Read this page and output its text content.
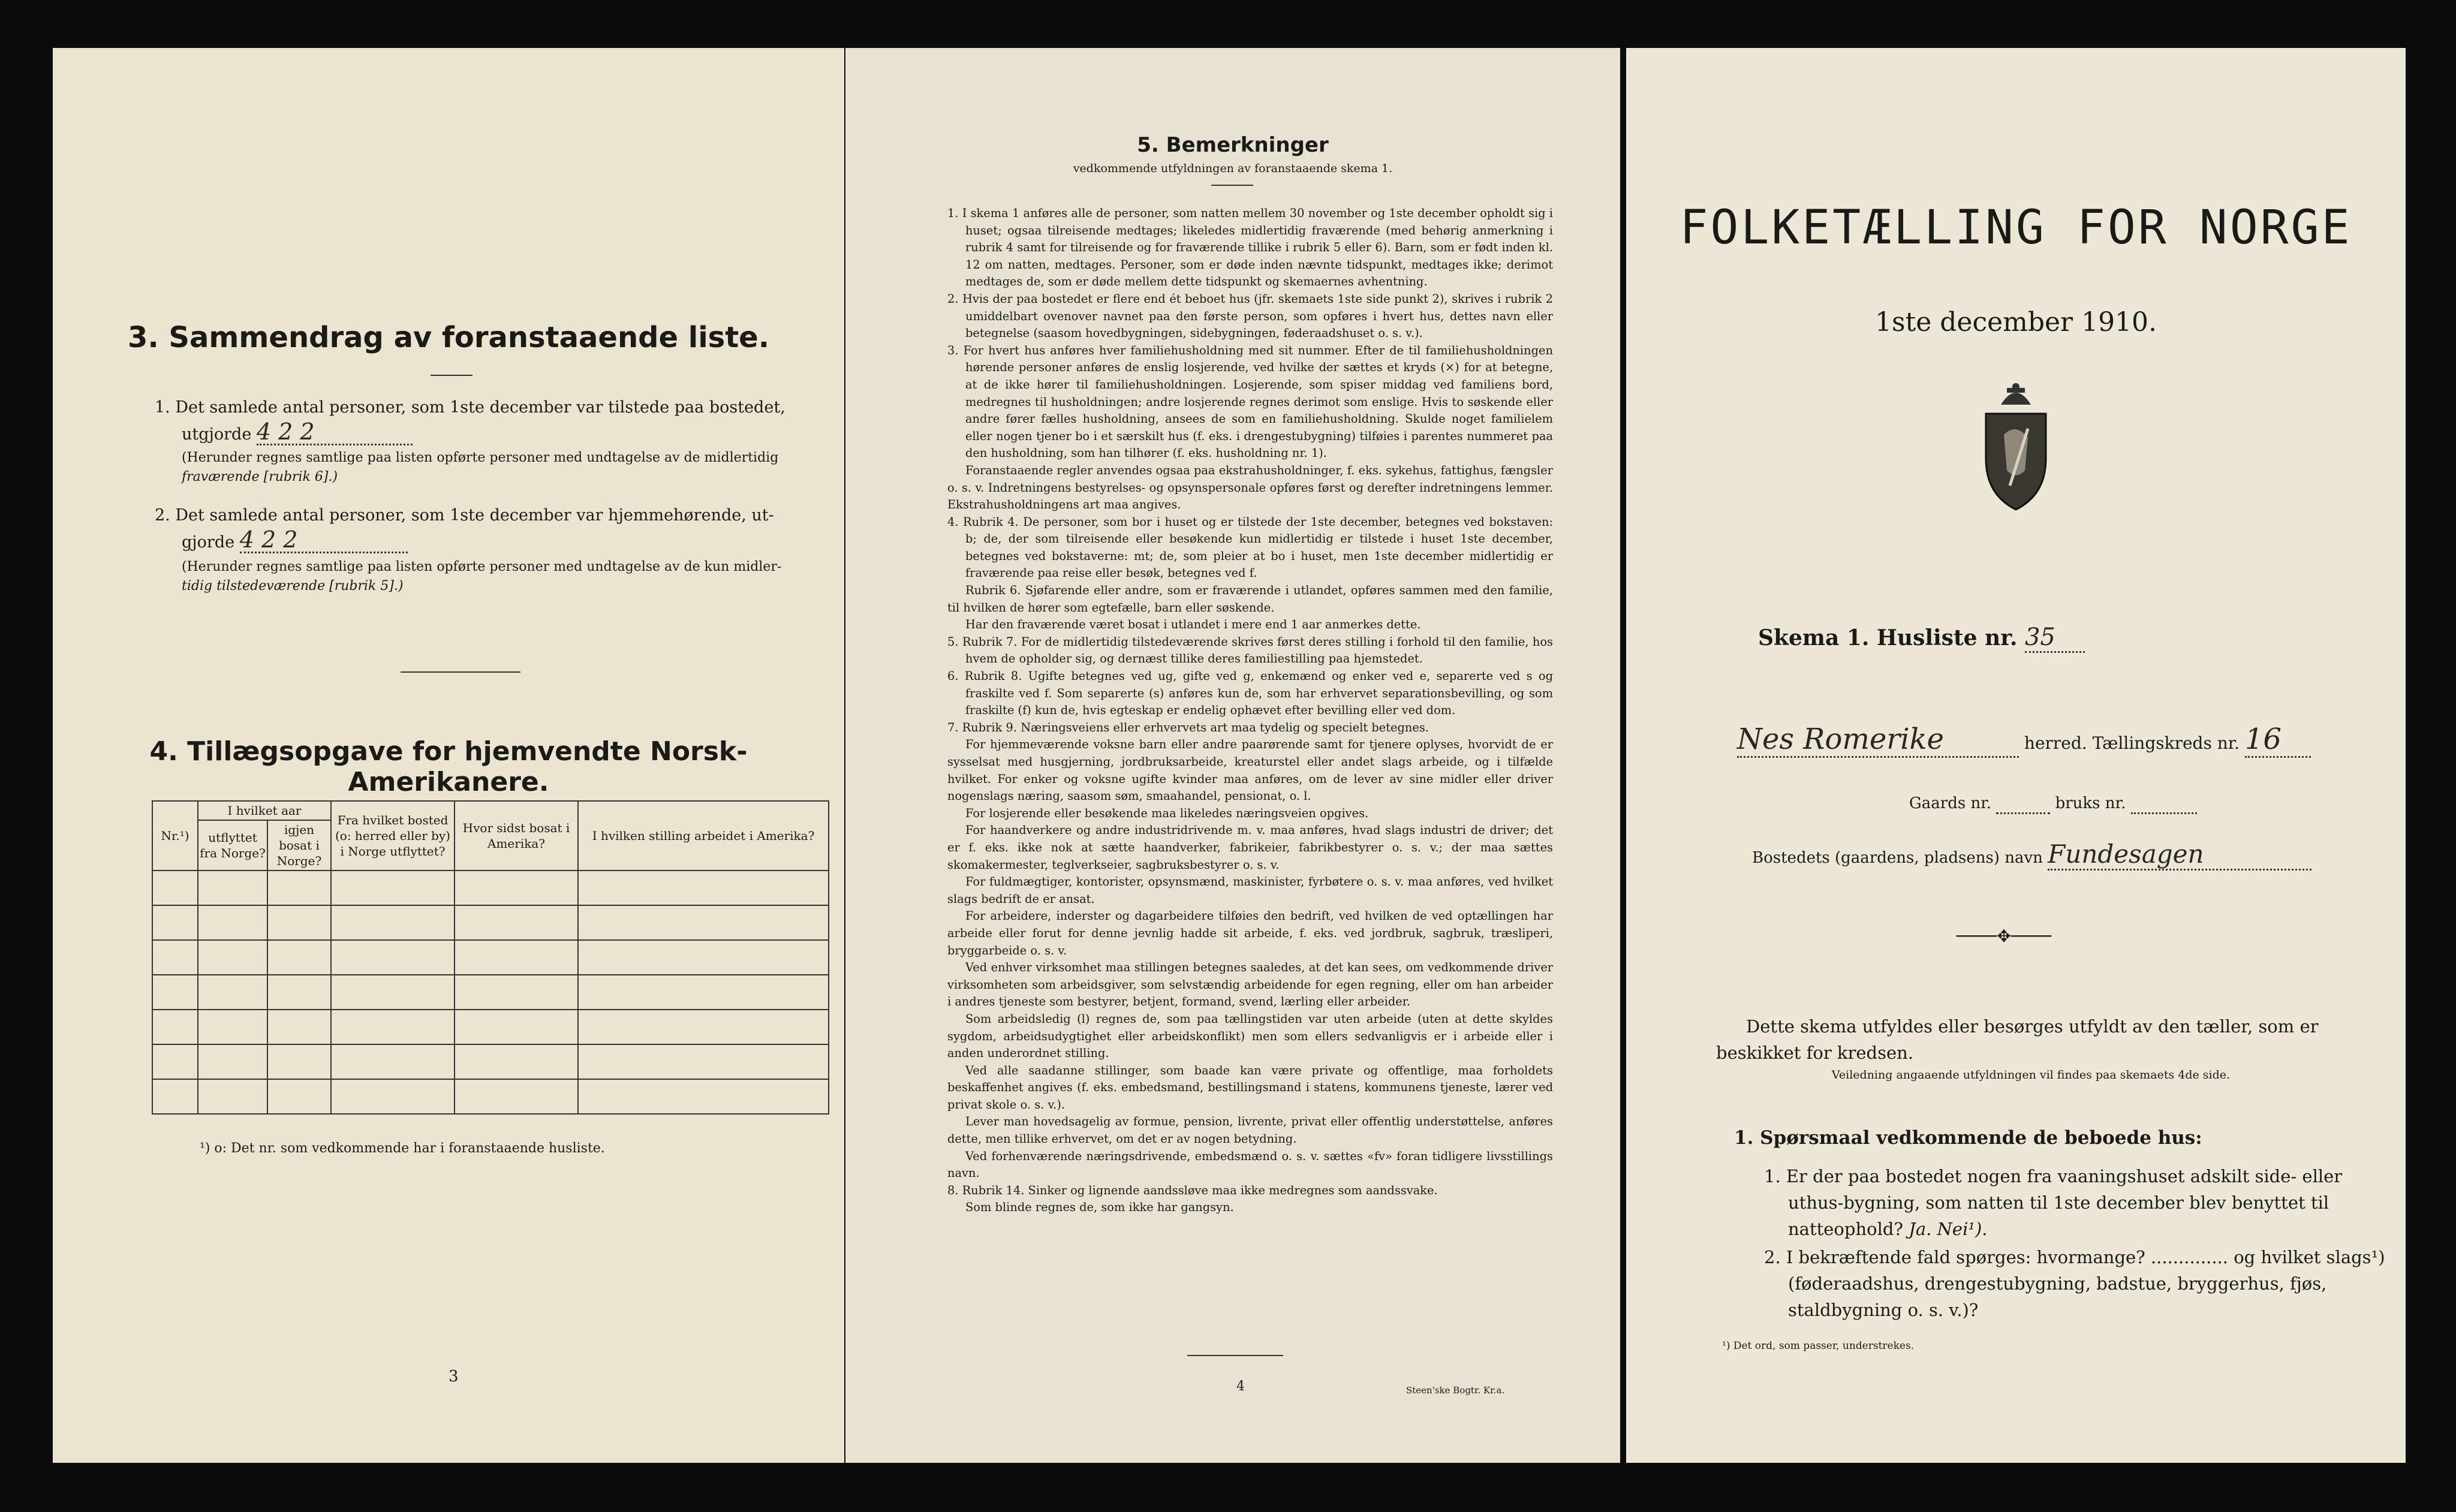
3. Sammendrag av foranstaaende liste.
1. Det samlede antal personer, som 1ste december var tilstede paa bostedet,
utgjorde 4 2 2
(Herunder regnes samtlige paa listen opførte personer med undtagelse av de midlertidig
fraværende [rubrik 6].)
2. Det samlede antal personer, som 1ste december var hjemmehørende, ut-
gjorde 4 2 2
(Herunder regnes samtlige paa listen opførte personer med undtagelse av de kun midler-
tidig tilstedeværende [rubrik 5].)
4. Tillægsopgave for hjemvendte Norsk-Amerikanere.
Nr.¹)	I hvilket aar		Fra hvilket bosted (o: herred eller by) i Norge utflyttet?	Hvor sidst bosat i Amerika?	I hvilken stilling arbeidet i Amerika?
	utflyttet fra Norge?	igjen bosat i Norge?			

¹) o: Det nr. som vedkommende har i foranstaaende husliste.
3
5. Bemerkninger
vedkommende utfyldningen av foranstaaende skema 1.

1. I skema 1 anføres alle de personer, som natten mellem 30 november og 1ste december opholdt sig i huset; ogsaa tilreisende medtages; likeledes midlertidig fraværende (med behørig anmerkning i rubrik 4 samt for tilreisende og for fraværende tillike i rubrik 5 eller 6). Barn, som er født inden kl. 12 om natten, medtages. Personer, som er døde inden nævnte tidspunkt, medtages ikke; derimot medtages de, som er døde mellem dette tidspunkt og skemaernes avhentning.

2. Hvis der paa bostedet er flere end ét beboet hus (jfr. skemaets 1ste side punkt 2), skrives i rubrik 2 umiddelbart ovenover navnet paa den første person, som opføres i hvert hus, dettes navn eller betegnelse (saasom hovedbygningen, sidebygningen, føderaadshuset o. s. v.).

3. For hvert hus anføres hver familiehusholdning med sit nummer. Efter de til familiehusholdningen hørende personer anføres de enslig losjerende, ved hvilke der sættes et kryds (×) for at betegne, at de ikke hører til familiehusholdningen. Losjerende, som spiser middag ved familiens bord, medregnes til husholdningen; andre losjerende regnes derimot som enslige. Hvis to søskende eller andre fører fælles husholdning, ansees de som en familiehusholdning. Skulde noget familielem eller nogen tjener bo i et særskilt hus (f. eks. i drengestubygning) tilføies i parentes nummeret paa den husholdning, som han tilhører (f. eks. husholdning nr. 1).

Foranstaaende regler anvendes ogsaa paa ekstrahusholdninger, f. eks. sykehus, fattighus, fængsler o. s. v. Indretningens bestyrelses- og opsynspersonale opføres først og derefter indretningens lemmer. Ekstrahusholdningens art maa angives.

4. Rubrik 4. De personer, som bor i huset og er tilstede der 1ste december, betegnes ved bokstaven: b; de, der som tilreisende eller besøkende kun midlertidig er tilstede i huset 1ste december, betegnes ved bokstaverne: mt; de, som pleier at bo i huset, men 1ste december midlertidig er fraværende paa reise eller besøk, betegnes ved f.

Rubrik 6. Sjøfarende eller andre, som er fraværende i utlandet, opføres sammen med den familie, til hvilken de hører som egtefælle, barn eller søskende.

Har den fraværende været bosat i utlandet i mere end 1 aar anmerkes dette.

5. Rubrik 7. For de midlertidig tilstedeværende skrives først deres stilling i forhold til den familie, hos hvem de opholder sig, og dernæst tillike deres familiestilling paa hjemstedet.

6. Rubrik 8. Ugifte betegnes ved ug, gifte ved g, enkemænd og enker ved e, separerte ved s og fraskilte ved f. Som separerte (s) anføres kun de, som har erhvervet separationsbevilling, og som fraskilte (f) kun de, hvis egteskap er endelig ophævet efter bevilling eller ved dom.

7. Rubrik 9. Næringsveiens eller erhvervets art maa tydelig og specielt betegnes.

For hjemmeværende voksne barn eller andre paarørende samt for tjenere oplyses, hvorvidt de er sysselsat med husgjerning, jordbruksarbeide, kreaturstel eller andet slags arbeide, og i tilfælde hvilket. For enker og voksne ugifte kvinder maa anføres, om de lever av sine midler eller driver nogenslags næring, saasom søm, smaahandel, pensionat, o. l.

For losjerende eller besøkende maa likeledes næringsveien opgives.

For haandverkere og andre industridrivende m. v. maa anføres, hvad slags industri de driver; det er f. eks. ikke nok at sætte haandverker, fabrikeier, fabrikbestyrer o. s. v.; der maa sættes skomakermester, teglverkseier, sagbruksbestyrer o. s. v.

For fuldmægtiger, kontorister, opsynsmænd, maskinister, fyrbøtere o. s. v. maa anføres, ved hvilket slags bedrift de er ansat.

For arbeidere, inderster og dagarbeidere tilføies den bedrift, ved hvilken de ved optællingen har arbeide eller forut for denne jevnlig hadde sit arbeide, f. eks. ved jordbruk, sagbruk, træsliperi, bryggarbeide o. s. v.

Ved enhver virksomhet maa stillingen betegnes saaledes, at det kan sees, om vedkommende driver virksomheten som arbeidsgiver, som selvstændig arbeidende for egen regning, eller om han arbeider i andres tjeneste som bestyrer, betjent, formand, svend, lærling eller arbeider.

Som arbeidsledig (l) regnes de, som paa tællingstiden var uten arbeide (uten at dette skyldes sygdom, arbeidsudygtighet eller arbeidskonflikt) men som ellers sedvanligvis er i arbeide eller i anden underordnet stilling.

Ved alle saadanne stillinger, som baade kan være private og offentlige, maa forholdets beskaffenhet angives (f. eks. embedsmand, bestillingsmand i statens, kommunens tjeneste, lærer ved privat skole o. s. v.).

Lever man hovedsagelig av formue, pension, livrente, privat eller offentlig understøttelse, anføres dette, men tillike erhvervet, om det er av nogen betydning.

Ved forhenværende næringsdrivende, embedsmænd o. s. v. sættes «fv» foran tidligere livsstillings navn.

8. Rubrik 14. Sinker og lignende aandssløve maa ikke medregnes som aandssvake.

Som blinde regnes de, som ikke har gangsyn.

4	Steen'ske Bogtr. Kr.a.
FOLKETÆLLING FOR NORGE
1ste december 1910.
Skema 1. Husliste nr. 35
Nes Romerike	herred. Tællingskreds nr. 16
Gaards nr.	bruks nr.
Bostedets (gaardens, pladsens) navn Fundesagen
────✥────
Dette skema utfyldes eller besørges utfyldt av den tæller, som er beskikket for kredsen.
Veiledning angaaende utfyldningen vil findes paa skemaets 4de side.
1. Spørsmaal vedkommende de beboede hus:
1. Er der paa bostedet nogen fra vaaningshuset adskilt side- eller uthus-bygning, som natten til 1ste december blev benyttet til natteophold? Ja. Nei¹).
2. I bekræftende fald spørges: hvormange? .............. og hvilket slags¹) (føderaadshus, drengestubygning, badstue, bryggerhus, fjøs, staldbygning o. s. v.)?
¹) Det ord, som passer, understrekes.
